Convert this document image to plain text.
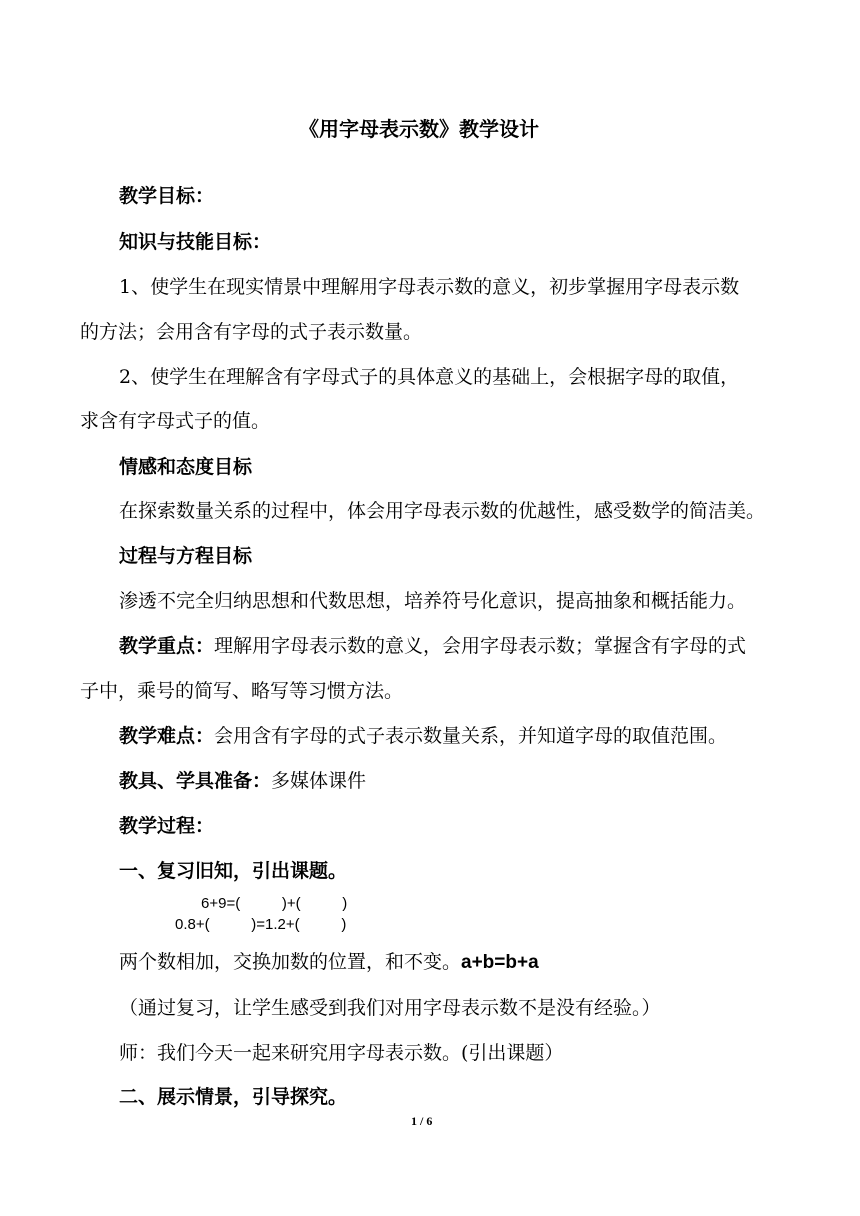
《用字母表示数》教学设计
教学目标：
知识与技能目标：
1、使学生在现实情景中理解用字母表示数的意义，初步掌握用字母表示数
的方法；会用含有字母的式子表示数量。
2、使学生在理解含有字母式子的具体意义的基础上，会根据字母的取值，
求含有字母式子的值。
情感和态度目标
在探索数量关系的过程中，体会用字母表示数的优越性，感受数学的简洁美。
过程与方程目标
渗透不完全归纳思想和代数思想，培养符号化意识，提高抽象和概括能力。
教学重点：理解用字母表示数的意义，会用字母表示数；掌握含有字母的式
子中，乘号的简写、略写等习惯方法。
教学难点：会用含有字母的式子表示数量关系，并知道字母的取值范围。
教具、学具准备：多媒体课件
教学过程：
一、复习旧知，引出课题。
6+9=(          )+(          )
0.8+(          )=1.2+(          )
两个数相加，交换加数的位置，和不变。a+b=b+a
（通过复习，让学生感受到我们对用字母表示数不是没有经验。）
师：我们今天一起来研究用字母表示数。(引出课题）
二、展示情景，引导探究。
1 / 6
